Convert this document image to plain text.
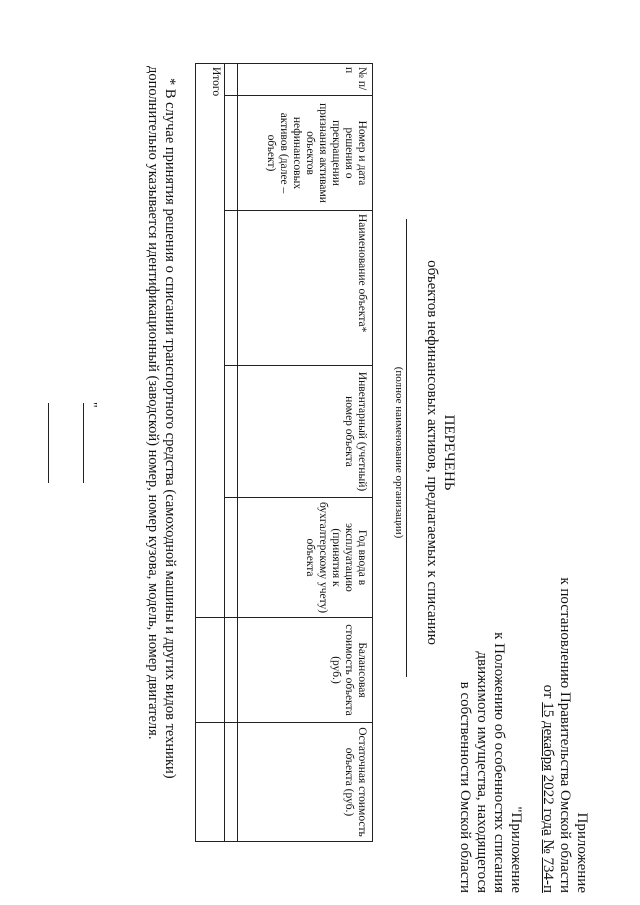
Приложение
к постановлению Правительства Омской области
от 15 декабря 2022 года № 734-п
"Приложение
к Положению об особенностях списания
движимого имущества, находящегося
в собственности Омской области
ПЕРЕЧЕНЬ
объектов нефинансовых активов, предлагаемых к списанию
(полное наименование организации)
№ п/п	Номер и дата решения о прекращении признания активами объектов нефинансовых активов (далее – объект)	Наименование объекта*	Инвентарный (учетный) номер объекта	Год ввода в эксплуатацию (принятия к бухгалтерскому учету) объекта	Балансовая стоимость объекта (руб.)	Остаточная стоимость объекта (руб.)

Итого						

* В случае принятия решения о списании транспортного средства (самоходной машины и других видов техники)

дополнительно указывается идентификационный (заводской) номер, номер кузова, модель, номер двигателя.
"
